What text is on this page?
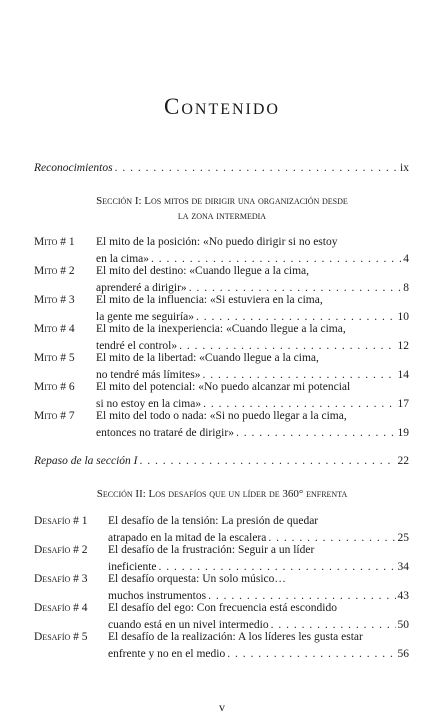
Contenido
Reconocimientos . . .	ix
Sección I: Los mitos de dirigir una organización desde
la zona intermedia
Mito # 1 El mito de la posición: «No puedo dirigir si no estoy
en la cima» . . .	4
Mito # 2 El mito del destino: «Cuando llegue a la cima,
aprenderé a dirigir» . . .	8
Mito # 3 El mito de la influencia: «Si estuviera en la cima,
la gente me seguiría» . . .	10
Mito # 4 El mito de la inexperiencia: «Cuando llegue a la cima,
tendré el control» . . .	12
Mito # 5 El mito de la libertad: «Cuando llegue a la cima,
no tendré más límites» . . .	14
Mito # 6 El mito del potencial: «No puedo alcanzar mi potencial
si no estoy en la cima» . . .	17
Mito # 7 El mito del todo o nada: «Si no puedo llegar a la cima,
entonces no trataré de dirigir» . . .	19
Repaso de la sección I . . .	22
Sección II: Los desafíos que un líder de 360° enfrenta
Desafío # 1 El desafío de la tensión: La presión de quedar
atrapado en la mitad de la escalera . . .	25
Desafío # 2 El desafío de la frustración: Seguir a un líder
ineficiente . . .	34
Desafío # 3 El desafío orquesta: Un solo músico…
muchos instrumentos . . .	43
Desafío # 4 El desafío del ego: Con frecuencia está escondido
cuando está en un nivel intermedio . . .	50
Desafío # 5 El desafío de la realización: A los líderes les gusta estar
enfrente y no en el medio . . .	56
v
